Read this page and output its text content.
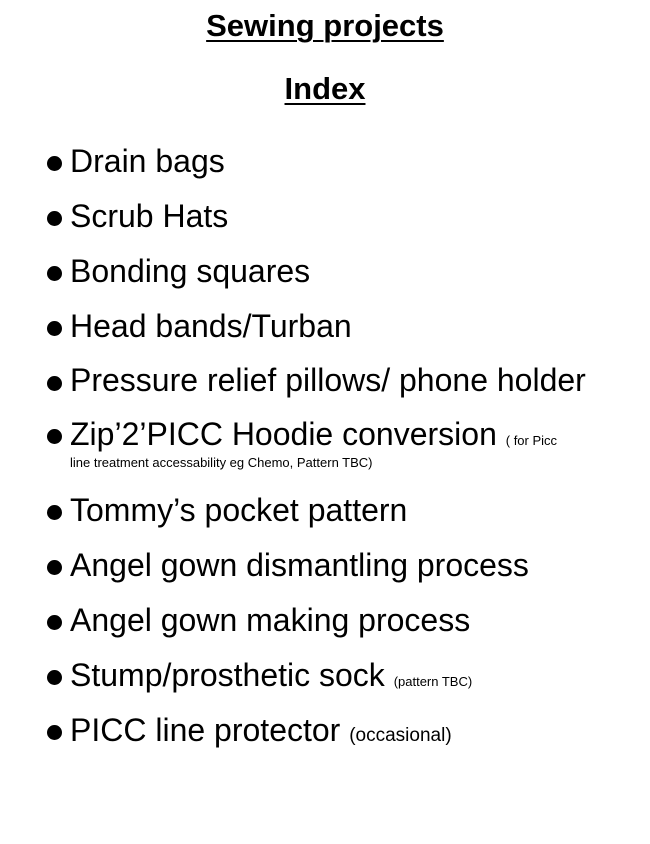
Sewing projects
Index
Drain bags
Scrub Hats
Bonding squares
Head bands/Turban
Pressure relief pillows/ phone holder
Zip’2’PICC Hoodie conversion ( for Picc
line treatment accessability eg Chemo, Pattern TBC)
Tommy’s pocket pattern
Angel gown dismantling process
Angel gown making process
Stump/prosthetic sock (pattern TBC)
PICC line protector (occasional)
